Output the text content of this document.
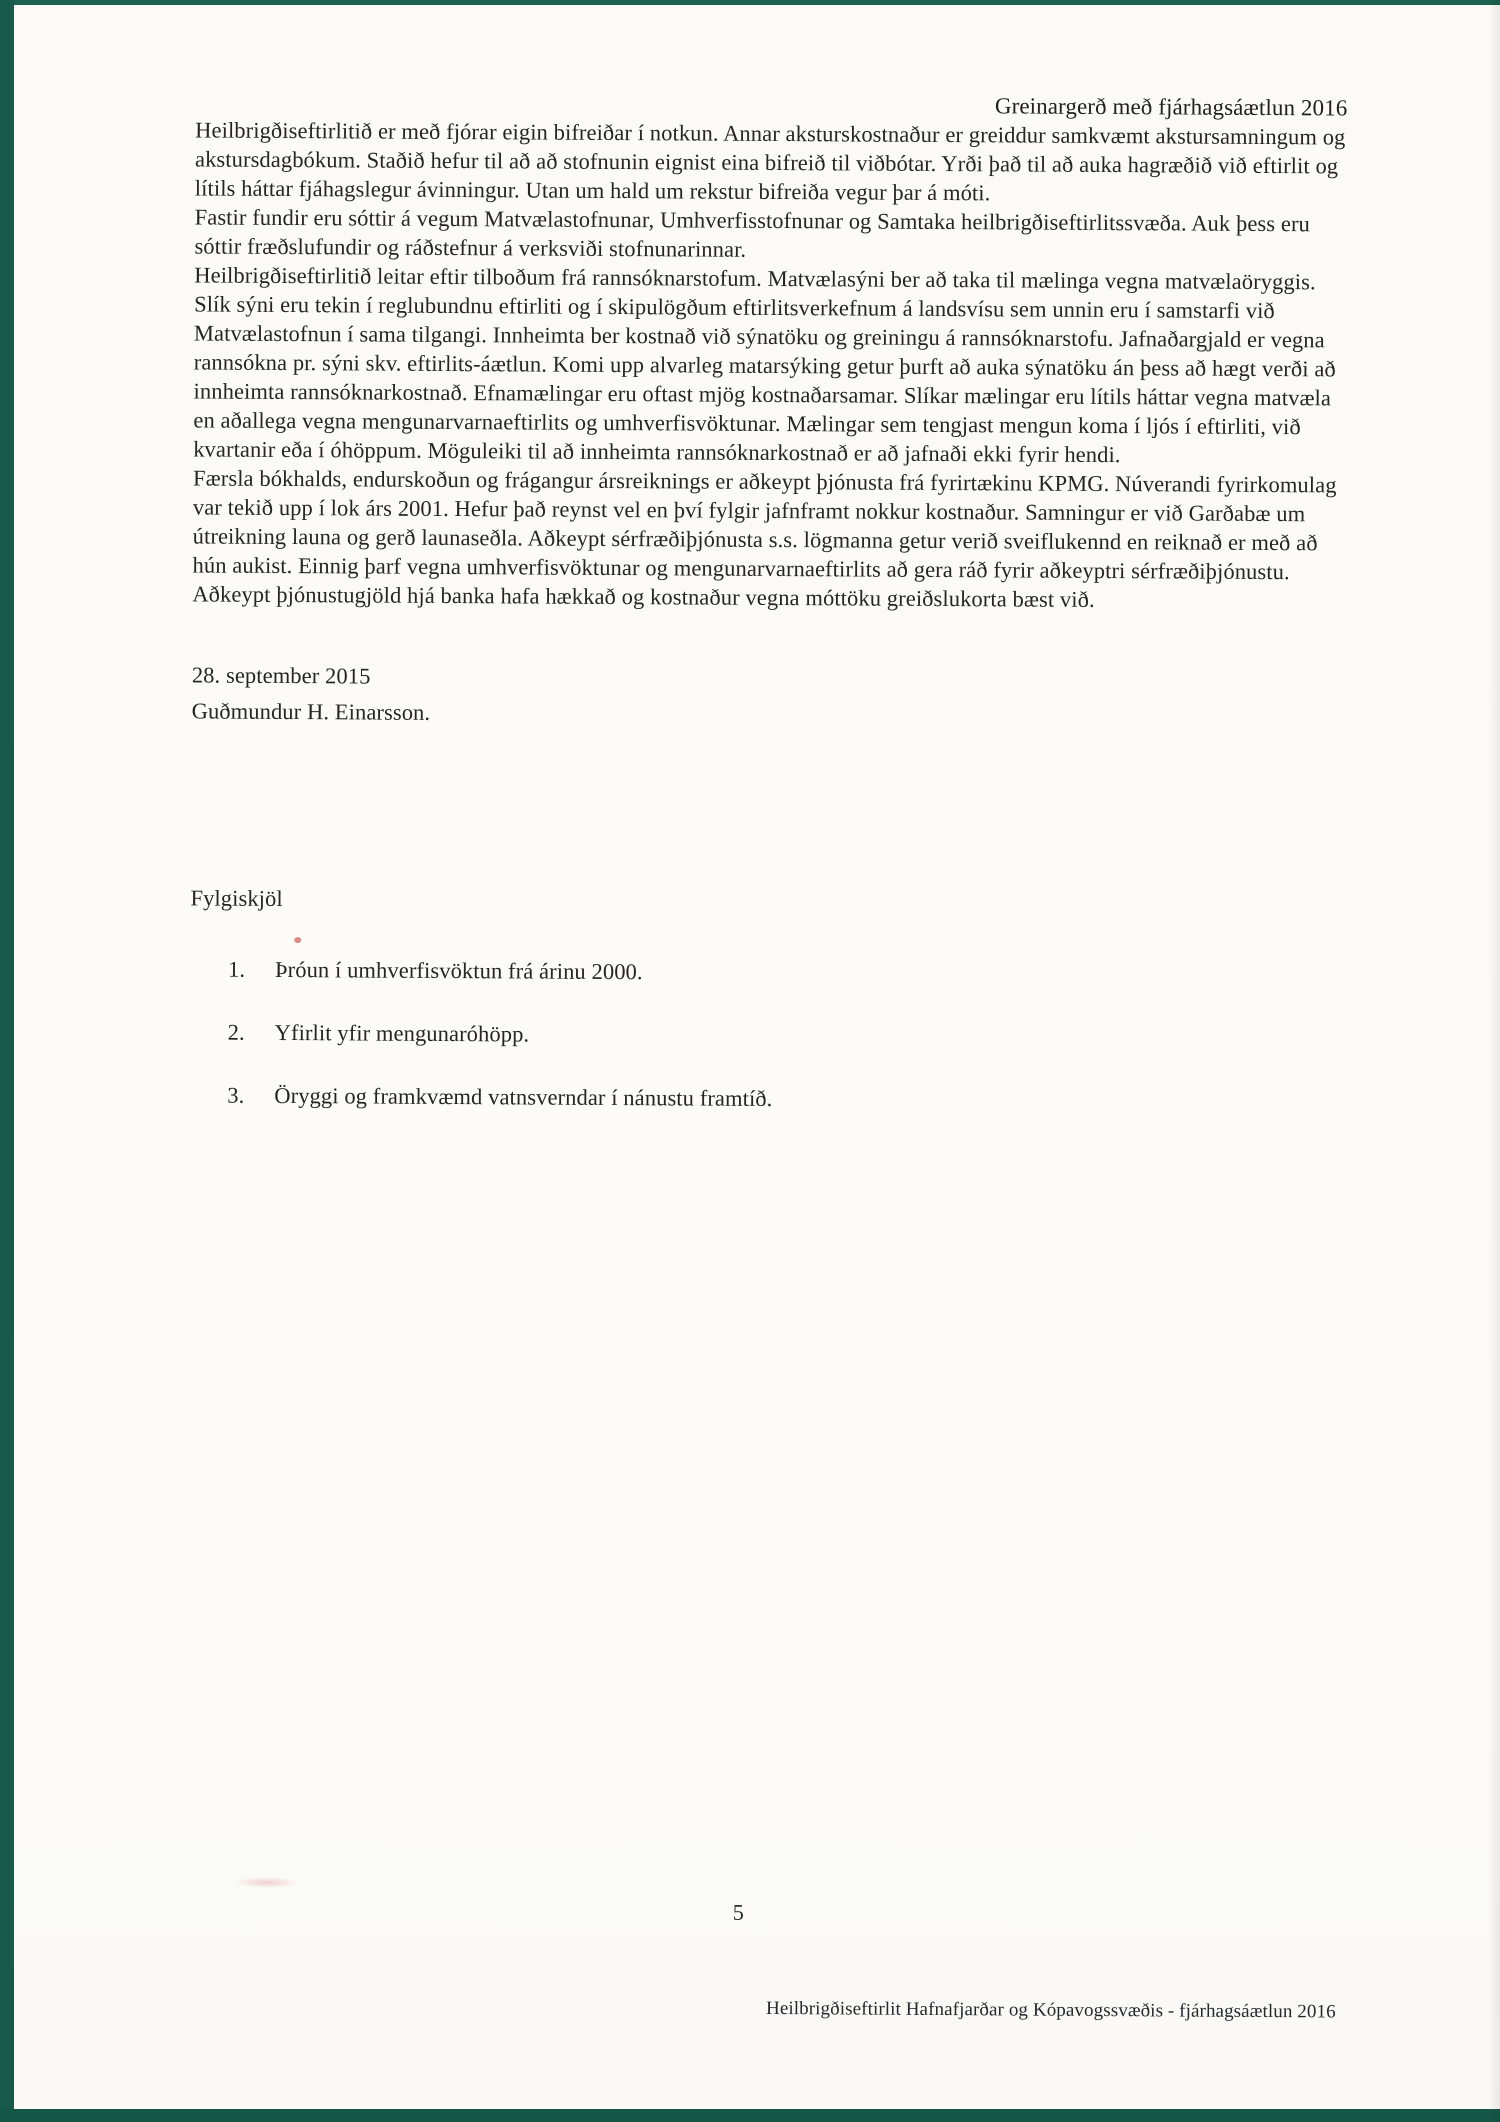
Greinargerð með fjárhagsáætlun 2016

Heilbrigðiseftirlitið er með fjórar eigin bifreiðar í notkun. Annar aksturskostnaður er greiddur samkvæmt akstursamningum og akstursdagbókum. Staðið hefur til að að stofnunin eignist eina bifreið til viðbótar. Yrði það til að auka hagræðið við eftirlit og lítils háttar fjáhagslegur ávinningur. Utan um hald um rekstur bifreiða vegur þar á móti.

Fastir fundir eru sóttir á vegum Matvælastofnunar, Umhverfisstofnunar og Samtaka heilbrigðiseftirlitssvæða. Auk þess eru sóttir fræðslufundir og ráðstefnur á verksviði stofnunarinnar.

Heilbrigðiseftirlitið leitar eftir tilboðum frá rannsóknarstofum. Matvælasýni ber að taka til mælinga vegna matvælaöryggis. Slík sýni eru tekin í reglubundnu eftirliti og í skipulögðum eftirlitsverkefnum á landsvísu sem unnin eru í samstarfi við Matvælastofnun í sama tilgangi. Innheimta ber kostnað við sýnatöku og greiningu á rannsóknarstofu. Jafnaðargjald er vegna rannsókna pr. sýni skv. eftirlits-áætlun. Komi upp alvarleg matarsýking getur þurft að auka sýnatöku án þess að hægt verði að innheimta rannsóknarkostnað. Efnamælingar eru oftast mjög kostnaðarsamar. Slíkar mælingar eru lítils háttar vegna matvæla en aðallega vegna mengunarvarnaeftirlits og umhverfisvöktunar. Mælingar sem tengjast mengun koma í ljós í eftirliti, við kvartanir eða í óhöppum. Möguleiki til að innheimta rannsóknarkostnað er að jafnaði ekki fyrir hendi.

Færsla bókhalds, endurskoðun og frágangur ársreiknings er aðkeypt þjónusta frá fyrirtækinu KPMG. Núverandi fyrirkomulag var tekið upp í lok árs 2001. Hefur það reynst vel en því fylgir jafnframt nokkur kostnaður. Samningur er við Garðabæ um útreikning launa og gerð launaseðla. Aðkeypt sérfræðiþjónusta s.s. lögmanna getur verið sveiflukennd en reiknað er með að hún aukist. Einnig þarf vegna umhverfisvöktunar og mengunarvarnaeftirlits að gera ráð fyrir aðkeyptri sérfræðiþjónustu. Aðkeypt þjónustugjöld hjá banka hafa hækkað og kostnaður vegna móttöku greiðslukorta bæst við.

28. september 2015
Guðmundur H. Einarsson.
Fylgiskjöl
1.	Þróun í umhverfisvöktun frá árinu 2000.
2.	Yfirlit yfir mengunaróhöpp.
3.	Öryggi og framkvæmd vatnsverndar í nánustu framtíð.
5
Heilbrigðiseftirlit Hafnafjarðar og Kópavogssvæðis - fjárhagsáætlun 2016
